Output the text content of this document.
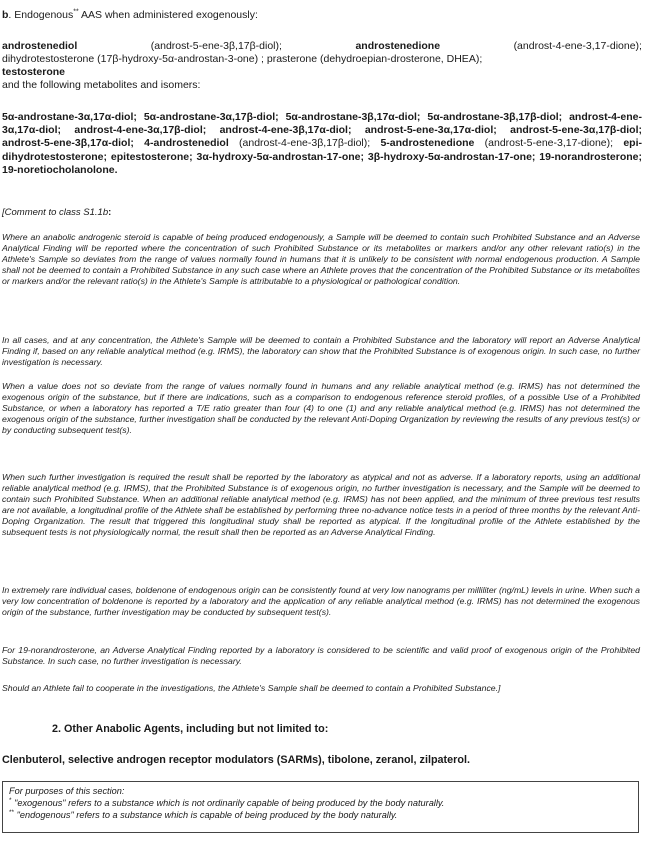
b. Endogenous** AAS when administered exogenously:
androstenediol	(androst-5-ene-3β,17β-diol);	androstenedione	(androst-4-ene-3,17-dione);
dihydrotestosterone (17β-hydroxy-5α-androstan-3-one) ; prasterone (dehydroepian-drosterone, DHEA);
testosterone
and the following metabolites and isomers:
5α-androstane-3α,17α-diol; 5α-androstane-3α,17β-diol; 5α-androstane-3β,17α-diol; 5α-androstane-3β,17β-diol; androst-4-ene-3α,17α-diol; androst-4-ene-3α,17β-diol; androst-4-ene-3β,17α-diol; androst-5-ene-3α,17α-diol; androst-5-ene-3α,17β-diol; androst-5-ene-3β,17α-diol; 4-androstenediol (androst-4-ene-3β,17β-diol); 5-androstenedione (androst-5-ene-3,17-dione); epi-dihydrotestosterone; epitestosterone; 3α-hydroxy-5α-androstan-17-one; 3β-hydroxy-5α-androstan-17-one; 19-norandrosterone; 19-noretiocholanolone.
[Comment to class S1.1b:

Where an anabolic androgenic steroid is capable of being produced endogenously, a Sample will be deemed to contain such Prohibited Substance and an Adverse Analytical Finding will be reported where the concentration of such Prohibited Substance or its metabolites or markers and/or any other relevant ratio(s) in the Athlete's Sample so deviates from the range of values normally found in humans that it is unlikely to be consistent with normal endogenous production. A Sample shall not be deemed to contain a Prohibited Substance in any such case where an Athlete proves that the concentration of the Prohibited Substance or its metabolites or markers and/or the relevant ratio(s) in the Athlete's Sample is attributable to a physiological or pathological condition.

In all cases, and at any concentration, the Athlete's Sample will be deemed to contain a Prohibited Substance and the laboratory will report an Adverse Analytical Finding if, based on any reliable analytical method (e.g. IRMS), the laboratory can show that the Prohibited Substance is of exogenous origin. In such case, no further investigation is necessary.

When a value does not so deviate from the range of values normally found in humans and any reliable analytical method (e.g. IRMS) has not determined the exogenous origin of the substance, but if there are indications, such as a comparison to endogenous reference steroid profiles, of a possible Use of a Prohibited Substance, or when a laboratory has reported a T/E ratio greater than four (4) to one (1) and any reliable analytical method (e.g. IRMS) has not determined the exogenous origin of the substance, further investigation shall be conducted by the relevant Anti-Doping Organization by reviewing the results of any previous test(s) or by conducting subsequent test(s).

When such further investigation is required the result shall be reported by the laboratory as atypical and not as adverse. If a laboratory reports, using an additional reliable analytical method (e.g. IRMS), that the Prohibited Substance is of exogenous origin, no further investigation is necessary, and the Sample will be deemed to contain such Prohibited Substance. When an additional reliable analytical method (e.g. IRMS) has not been applied, and the minimum of three previous test results are not available, a longitudinal profile of the Athlete shall be established by performing three no-advance notice tests in a period of three months by the relevant Anti-Doping Organization. The result that triggered this longitudinal study shall be reported as atypical. If the longitudinal profile of the Athlete established by the subsequent tests is not physiologically normal, the result shall then be reported as an Adverse Analytical Finding.

In extremely rare individual cases, boldenone of endogenous origin can be consistently found at very low nanograms per milliliter (ng/mL) levels in urine. When such a very low concentration of boldenone is reported by a laboratory and the application of any reliable analytical method (e.g. IRMS) has not determined the exogenous origin of the substance, further investigation may be conducted by subsequent test(s).

For 19-norandrosterone, an Adverse Analytical Finding reported by a laboratory is considered to be scientific and valid proof of exogenous origin of the Prohibited Substance. In such case, no further investigation is necessary.

Should an Athlete fail to cooperate in the investigations, the Athlete's Sample shall be deemed to contain a Prohibited Substance.]

2. Other Anabolic Agents, including but not limited to:
Clenbuterol, selective androgen receptor modulators (SARMs), tibolone, zeranol, zilpaterol.
For purposes of this section:
* "exogenous" refers to a substance which is not ordinarily capable of being produced by the body naturally.
** "endogenous" refers to a substance which is capable of being produced by the body naturally.
